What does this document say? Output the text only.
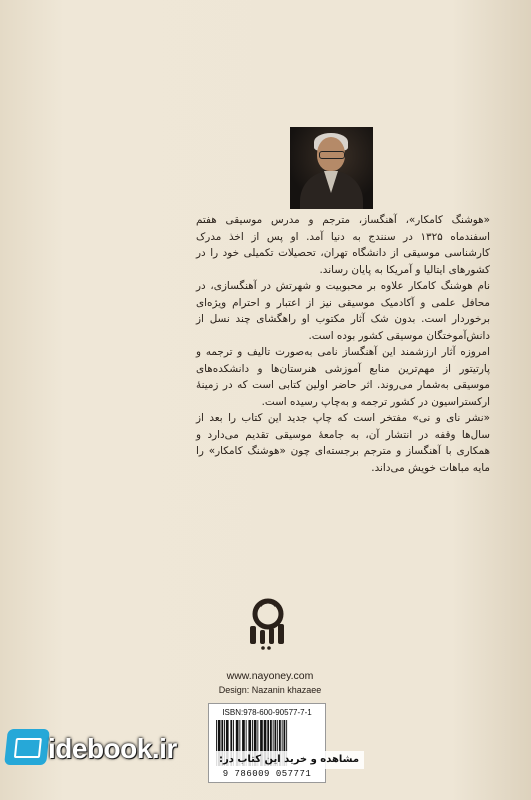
«هوشنگ کامکار»، آهنگساز، مترجم و مدرس موسیقی هفتم اسفندماه ۱۳۲۵ در سنندج به دنیا آمد. او پس از اخذ مدرک کارشناسی موسیقی از دانشگاه تهران، تحصیلات تکمیلی خود را در کشورهای ایتالیا و آمریکا به پایان رساند.

نام هوشنگ کامکار علاوه بر محبوبیت و شهرتش در آهنگسازی، در محافل علمی و آکادمیک موسیقی نیز از اعتبار و احترام ویژه‌ای برخوردار است. بدون شک آثار مکتوب او راهگشای چند نسل از دانش‌آموختگان موسیقی کشور بوده است.

امروزه آثار ارزشمند این آهنگساز نامی به‌صورت تالیف و ترجمه و پارتیتور از مهم‌ترین منابع آموزشی هنرستان‌ها و دانشکده‌های موسیقی به‌شمار می‌روند. اثر حاضر اولین کتابی است که در زمینهٔ ارکستراسیون در کشور ترجمه و به‌چاپ رسیده است.

«نشر نای و نی» مفتخر است که چاپ جدید این کتاب را بعد از سال‌ها وقفه در انتشار آن، به جامعهٔ موسیقی تقدیم می‌دارد و همکاری با آهنگساز و مترجم برجسته‌ای چون «هوشنگ کامکار» را مایه مباهات خویش می‌داند.

www.nayoney.com
Design: Nazanin khazaee
ISBN:978-600-90577-7-1
9 786009 057771
idebook.ir	مشاهده و خرید این کتاب در:
